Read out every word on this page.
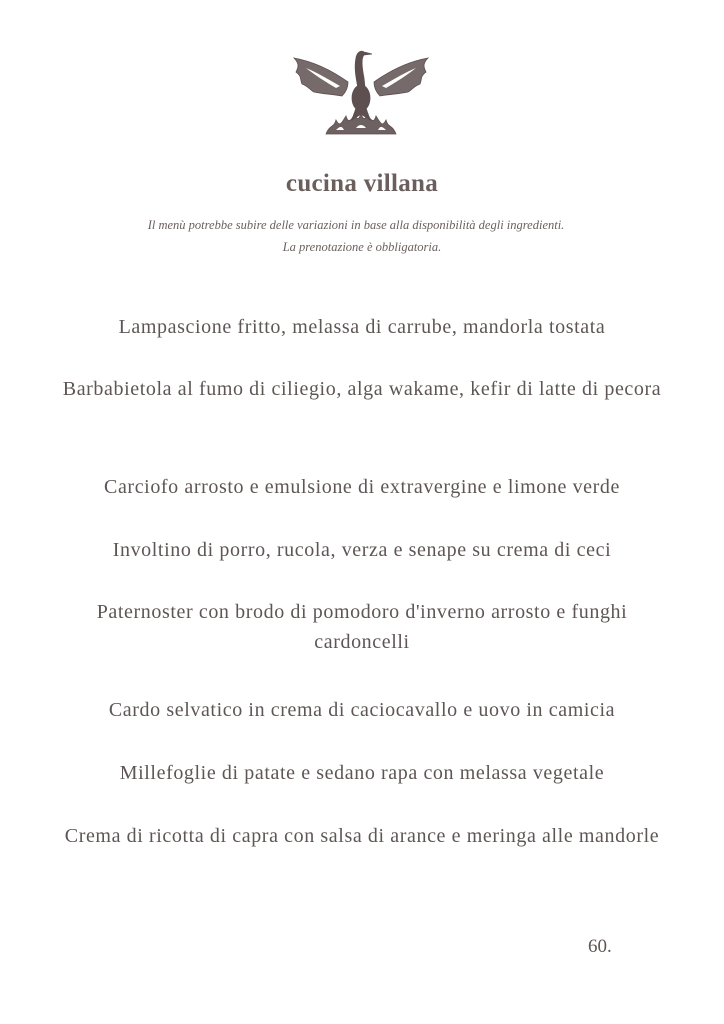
cucina villana
Il menù potrebbe subire delle variazioni in base alla disponibilità degli ingredienti.
La prenotazione è obbligatoria.
Lampascione fritto, melassa di carrube, mandorla tostata
Barbabietola al fumo di ciliegio, alga wakame, kefir di latte di pecora
Carciofo arrosto e emulsione di extravergine e limone verde
Involtino di porro, rucola, verza e senape su crema di ceci
Paternoster con brodo di pomodoro d'inverno arrosto e funghi cardoncelli
Cardo selvatico in crema di caciocavallo e uovo in camicia
Millefoglie di patate e sedano rapa con melassa vegetale
Crema di ricotta di capra con salsa di arance e meringa alle mandorle
60.
